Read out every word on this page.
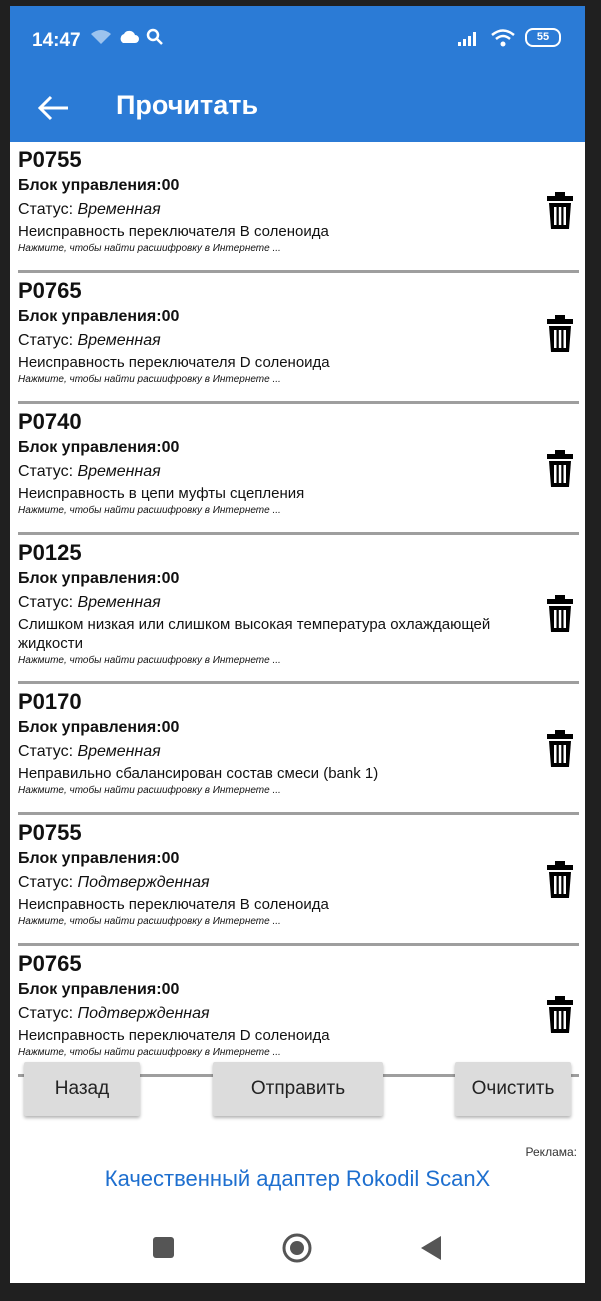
14:47	55
Прочитать
P0755
Блок управления:00
Статус: Временная
Неисправность переключателя B соленоида
Нажмите, чтобы найти расшифровку в Интернете ...
P0765
Блок управления:00
Статус: Временная
Неисправность переключателя D соленоида
Нажмите, чтобы найти расшифровку в Интернете ...
P0740
Блок управления:00
Статус: Временная
Неисправность в цепи муфты сцепления
Нажмите, чтобы найти расшифровку в Интернете ...
P0125
Блок управления:00
Статус: Временная
Слишком низкая или слишком высокая температура охлаждающей жидкости
Нажмите, чтобы найти расшифровку в Интернете ...
P0170
Блок управления:00
Статус: Временная
Неправильно сбалансирован состав смеси (bank 1)
Нажмите, чтобы найти расшифровку в Интернете ...
P0755
Блок управления:00
Статус: Подтвержденная
Неисправность переключателя B соленоида
Нажмите, чтобы найти расшифровку в Интернете ...
P0765
Блок управления:00
Статус: Подтвержденная
Неисправность переключателя D соленоида
Нажмите, чтобы найти расшифровку в Интернете ...
Назад	Отправить	Очистить
Реклама:
Качественный адаптер Rokodil ScanX
